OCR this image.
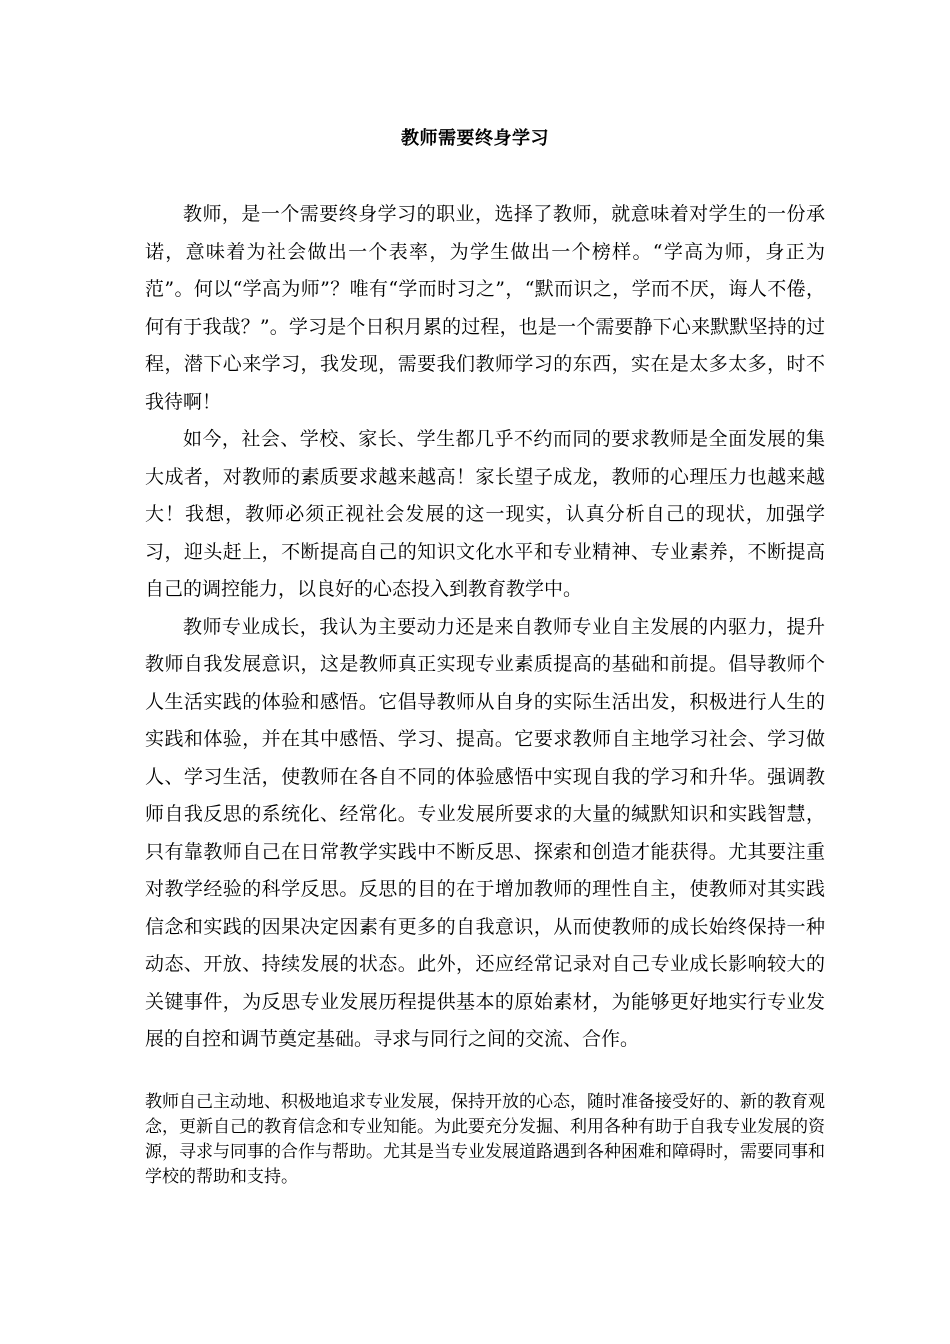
教师需要终身学习

教师，是一个需要终身学习的职业，选择了教师，就意味着对学生的一份承诺，意味着为社会做出一个表率，为学生做出一个榜样。“学高为师，身正为范”。何以“学高为师”？唯有“学而时习之”，“默而识之，学而不厌，诲人不倦，何有于我哉？”。学习是个日积月累的过程，也是一个需要静下心来默默坚持的过程，潜下心来学习，我发现，需要我们教师学习的东西，实在是太多太多，时不我待啊！

如今，社会、学校、家长、学生都几乎不约而同的要求教师是全面发展的集大成者，对教师的素质要求越来越高！家长望子成龙，教师的心理压力也越来越大！我想，教师必须正视社会发展的这一现实，认真分析自己的现状，加强学习，迎头赶上，不断提高自己的知识文化水平和专业精神、专业素养，不断提高自己的调控能力，以良好的心态投入到教育教学中。

教师专业成长，我认为主要动力还是来自教师专业自主发展的内驱力，提升教师自我发展意识，这是教师真正实现专业素质提高的基础和前提。倡导教师个人生活实践的体验和感悟。它倡导教师从自身的实际生活出发，积极进行人生的实践和体验，并在其中感悟、学习、提高。它要求教师自主地学习社会、学习做人、学习生活，使教师在各自不同的体验感悟中实现自我的学习和升华。强调教师自我反思的系统化、经常化。专业发展所要求的大量的缄默知识和实践智慧，只有靠教师自己在日常教学实践中不断反思、探索和创造才能获得。尤其要注重对教学经验的科学反思。反思的目的在于增加教师的理性自主，使教师对其实践信念和实践的因果决定因素有更多的自我意识，从而使教师的成长始终保持一种动态、开放、持续发展的状态。此外，还应经常记录对自己专业成长影响较大的关键事件，为反思专业发展历程提供基本的原始素材，为能够更好地实行专业发展的自控和调节奠定基础。寻求与同行之间的交流、合作。

教师自己主动地、积极地追求专业发展，保持开放的心态，随时准备接受好的、新的教育观念，更新自己的教育信念和专业知能。为此要充分发掘、利用各种有助于自我专业发展的资源，寻求与同事的合作与帮助。尤其是当专业发展道路遇到各种困难和障碍时，需要同事和学校的帮助和支持。
